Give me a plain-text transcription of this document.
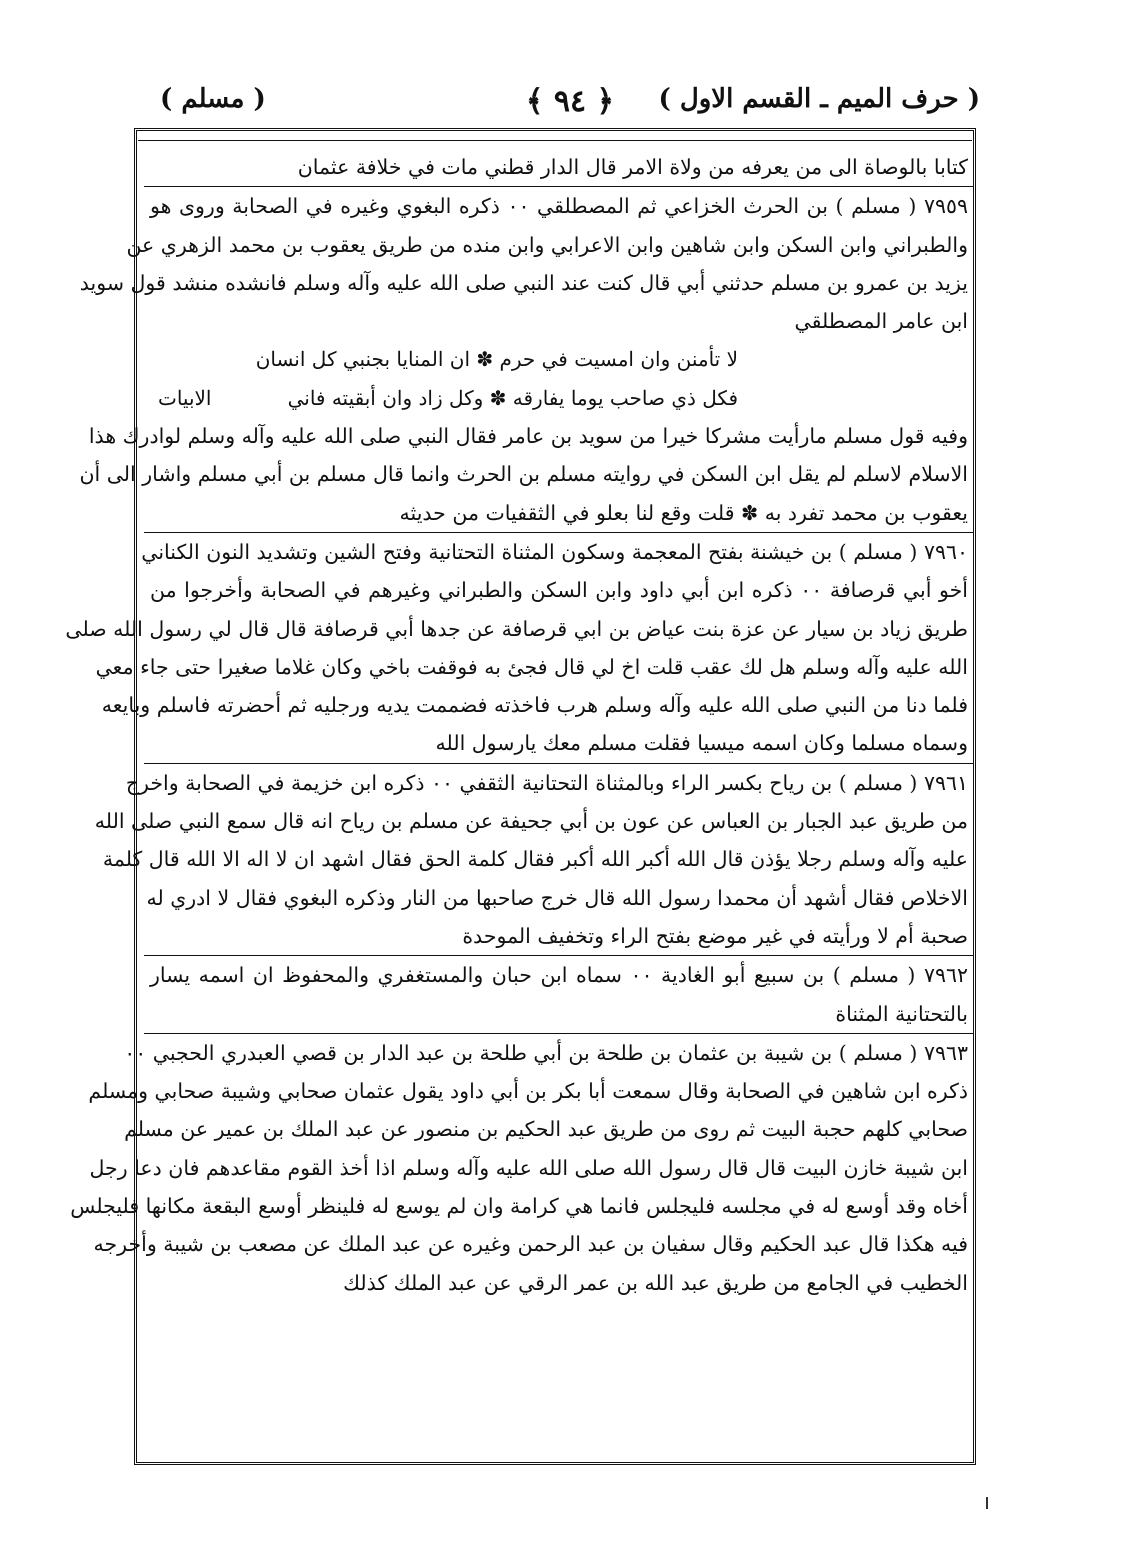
( حرف الميم ـ القسم الاول )
﴿ ٩٤ ﴾
( مسلم )
كتابا بالوصاة الى من يعرفه من ولاة الامر قال الدار قطني مات في خلافة عثمان
٧٩٥٩ ( مسلم ) بن الحرث الخزاعي ثم المصطلقي ٠٠ ذكره البغوي وغيره في الصحابة وروى هو
والطبراني وابن السكن وابن شاهين وابن الاعرابي وابن منده من طريق يعقوب بن محمد الزهري عن
يزيد بن عمرو بن مسلم حدثني أبي قال كنت عند النبي صلى الله عليه وآله وسلم فانشده منشد قول سويد
ابن عامر المصطلقي
لا تأمنن وان امسيت في حرم ✽ ان المنايا بجنبي كل انسان
فكل ذي صاحب يوما يفارقه ✽ وكل زاد وان أبقيته فاني
الابيات
وفيه قول مسلم مارأيت مشركا خيرا من سويد بن عامر فقال النبي صلى الله عليه وآله وسلم لوادرك هذا
الاسلام لاسلم لم يقل ابن السكن في روايته مسلم بن الحرث وانما قال مسلم بن أبي مسلم واشار الى أن
يعقوب بن محمد تفرد به ✽ قلت وقع لنا بعلو في الثقفيات من حديثه
٧٩٦٠ ( مسلم ) بن خيشنة بفتح المعجمة وسكون المثناة التحتانية وفتح الشين وتشديد النون الكناني
أخو أبي قرصافة ٠٠ ذكره ابن أبي داود وابن السكن والطبراني وغيرهم في الصحابة وأخرجوا من
طريق زياد بن سيار عن عزة بنت عياض بن ابي قرصافة عن جدها أبي قرصافة قال قال لي رسول الله صلى
الله عليه وآله وسلم هل لك عقب قلت اخ لي قال فجئ به فوقفت باخي وكان غلاما صغيرا حتى جاء معي
فلما دنا من النبي صلى الله عليه وآله وسلم هرب فاخذته فضممت يديه ورجليه ثم أحضرته فاسلم وبايعه
وسماه مسلما وكان اسمه ميسيا فقلت مسلم معك يارسول الله
٧٩٦١ ( مسلم ) بن رياح بكسر الراء وبالمثناة التحتانية الثقفي ٠٠ ذكره ابن خزيمة في الصحابة واخرج
من طريق عبد الجبار بن العباس عن عون بن أبي جحيفة عن مسلم بن رياح انه قال سمع النبي صلى الله
عليه وآله وسلم رجلا يؤذن قال الله أكبر الله أكبر فقال كلمة الحق فقال اشهد ان لا اله الا الله قال كلمة
الاخلاص فقال أشهد أن محمدا رسول الله قال خرج صاحبها من النار وذكره البغوي فقال لا ادري له
صحبة أم لا ورأيته في غير موضع بفتح الراء وتخفيف الموحدة
٧٩٦٢ ( مسلم ) بن سبيع أبو الغادية ٠٠ سماه ابن حبان والمستغفري والمحفوظ ان اسمه يسار
بالتحتانية المثناة
٧٩٦٣ ( مسلم ) بن شيبة بن عثمان بن طلحة بن أبي طلحة بن عبد الدار بن قصي العبدري الحجبي ٠٠
ذكره ابن شاهين في الصحابة وقال سمعت أبا بكر بن أبي داود يقول عثمان صحابي وشيبة صحابي ومسلم
صحابي كلهم حجبة البيت ثم روى من طريق عبد الحكيم بن منصور عن عبد الملك بن عمير عن مسلم
ابن شيبة خازن البيت قال قال رسول الله صلى الله عليه وآله وسلم اذا أخذ القوم مقاعدهم فان دعا رجل
أخاه وقد أوسع له في مجلسه فليجلس فانما هي كرامة وان لم يوسع له فلينظر أوسع البقعة مكانها فليجلس
فيه هكذا قال عبد الحكيم وقال سفيان بن عبد الرحمن وغيره عن عبد الملك عن مصعب بن شيبة وأخرجه
الخطيب في الجامع من طريق عبد الله بن عمر الرقي عن عبد الملك كذلك
